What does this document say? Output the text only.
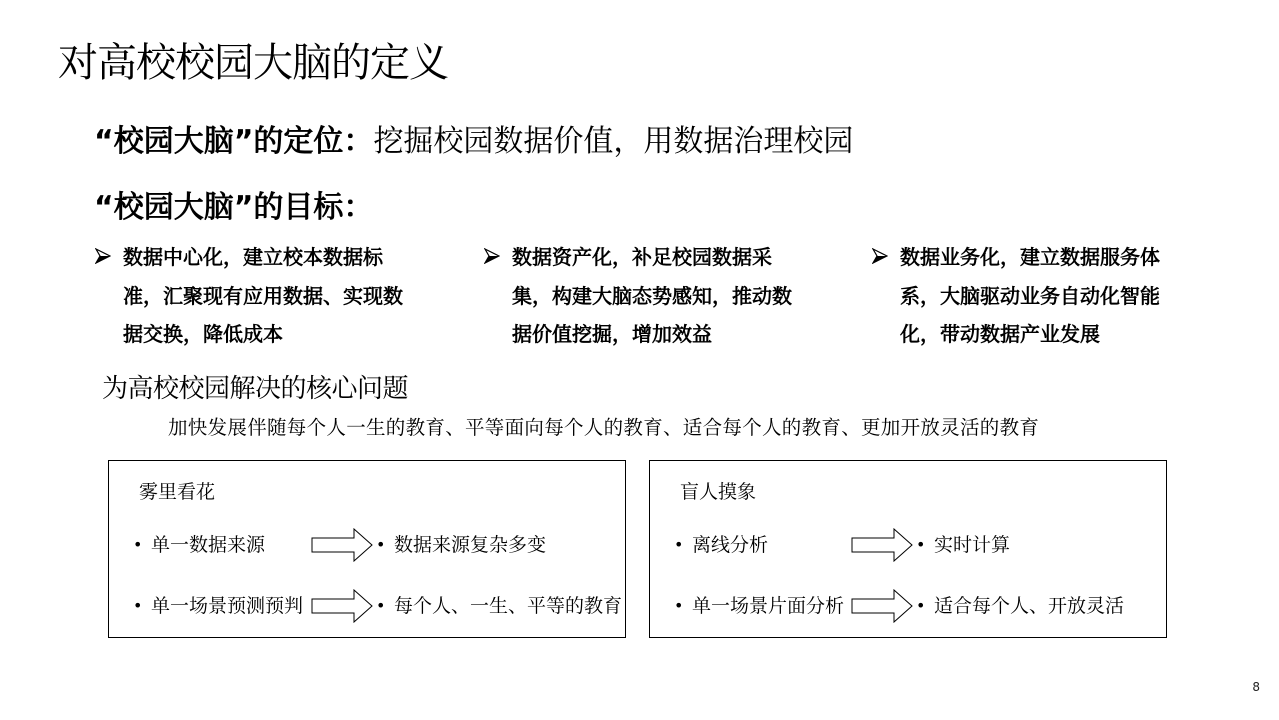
对高校校园大脑的定义
“校园大脑”的定位：挖掘校园数据价值，用数据治理校园
“校园大脑”的目标：
数据中心化，建立校本数据标准，汇聚现有应用数据、实现数据交换，降低成本
数据资产化，补足校园数据采集，构建大脑态势感知，推动数据价值挖掘，增加效益
数据业务化，建立数据服务体系，大脑驱动业务自动化智能化，带动数据产业发展
为高校校园解决的核心问题
加快发展伴随每个人一生的教育、平等面向每个人的教育、适合每个人的教育、更加开放灵活的教育
雾里看花
• 单一数据来源	• 数据来源复杂多变
• 单一场景预测预判	• 每个人、一生、平等的教育
盲人摸象
• 离线分析	• 实时计算
• 单一场景片面分析	• 适合每个人、开放灵活
8
